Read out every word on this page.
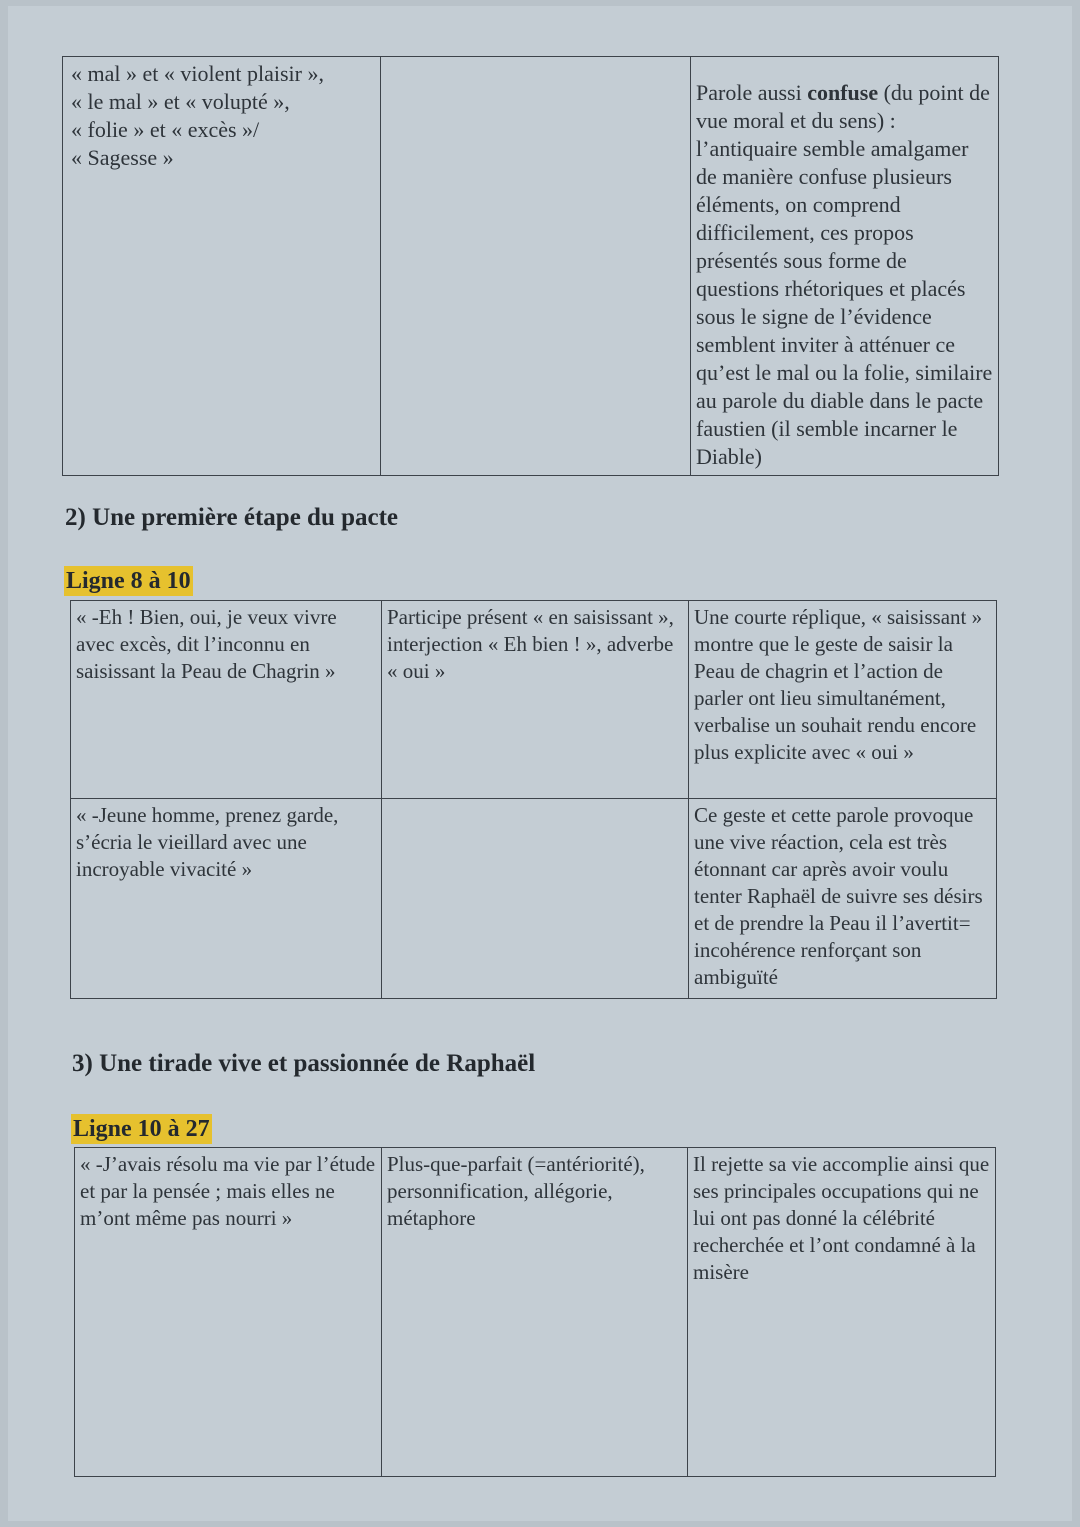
« mal » et « violent plaisir »,
« le mal » et « volupté »,
« folie » et « excès »/
« Sagesse »
		Parole aussi confuse (du point de vue moral et du sens) : l’antiquaire semble amalgamer de manière confuse plusieurs éléments, on comprend difficilement, ces propos présentés sous forme de questions rhétoriques et placés sous le signe de l’évidence semblent inviter à atténuer ce qu’est le mal ou la folie, similaire au parole du diable dans le pacte faustien (il semble incarner le Diable)
2) Une première étape du pacte
Ligne 8 à 10
« -Eh ! Bien, oui, je veux vivre avec excès, dit l’inconnu en saisissant la Peau de Chagrin »	Participe présent « en saisissant », interjection « Eh bien ! », adverbe « oui »	Une courte réplique, « saisissant » montre que le geste de saisir la Peau de chagrin et l’action de parler ont lieu simultanément, verbalise un souhait rendu encore plus explicite avec « oui »
« -Jeune homme, prenez garde, s’écria le vieillard avec une incroyable vivacité »		Ce geste et cette parole provoque une vive réaction, cela est très étonnant car après avoir voulu tenter Raphaël de suivre ses désirs et de prendre la Peau il l’avertit= incohérence renforçant son ambiguïté
3) Une tirade vive et passionnée de Raphaël
Ligne 10 à 27
« -J’avais résolu ma vie par l’étude et par la pensée ; mais elles ne m’ont même pas nourri »	Plus-que-parfait (=antériorité), personnification, allégorie, métaphore	Il rejette sa vie accomplie ainsi que ses principales occupations qui ne lui ont pas donné la célébrité recherchée et l’ont condamné à la misère
